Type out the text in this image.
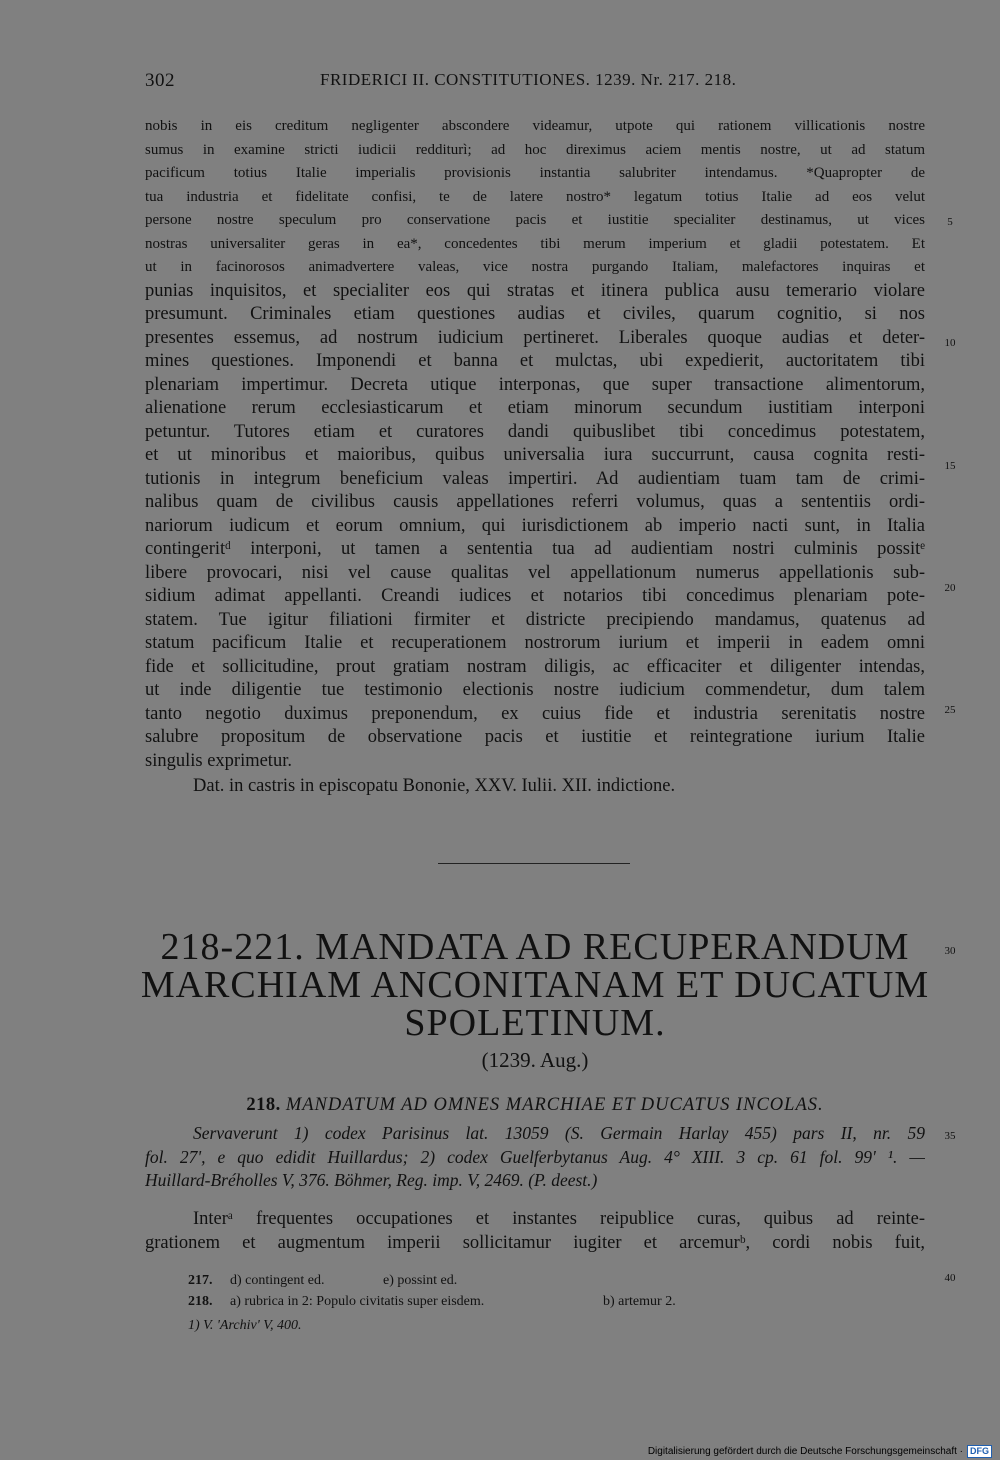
302	FRIDERICI II. CONSTITUTIONES. 1239. Nr. 217. 218.
nobis in eis creditum negligenter abscondere videamur, utpote qui rationem villicationis nostre
sumus in examine stricti iudicii redditurì; ad hoc direximus aciem mentis nostre, ut ad statum
pacificum totius Italie imperialis provisionis instantia salubriter intendamus. *Quapropter de
tua industria et fidelitate confisi, te de latere nostro* legatum totius Italie ad eos velut
persone nostre speculum pro conservatione pacis et iustitie specialiter destinamus, ut vices
nostras universaliter geras in ea*, concedentes tibi merum imperium et gladii potestatem. Et
ut in facinorosos animadvertere valeas, vice nostra purgando Italiam, malefactores inquiras et
punias inquisitos, et specialiter eos qui stratas et itinera publica ausu temerario violare
presumunt. Criminales etiam questiones audias et civiles, quarum cognitio, si nos
presentes essemus, ad nostrum iudicium pertineret. Liberales quoque audias et deter-
mines questiones. Imponendi et banna et mulctas, ubi expedierit, auctoritatem tibi
plenariam impertimur. Decreta utique interponas, que super transactione alimentorum,
alienatione rerum ecclesiasticarum et etiam minorum secundum iustitiam interponi
petuntur. Tutores etiam et curatores dandi quibuslibet tibi concedimus potestatem,
et ut minoribus et maioribus, quibus universalia iura succurrunt, causa cognita resti-
tutionis in integrum beneficium valeas impertiri. Ad audientiam tuam tam de crimi-
nalibus quam de civilibus causis appellationes referri volumus, quas a sententiis ordi-
nariorum iudicum et eorum omnium, qui iurisdictionem ab imperio nacti sunt, in Italia
contingeritᵈ interponi, ut tamen a sententia tua ad audientiam nostri culminis possitᵉ
libere provocari, nisi vel cause qualitas vel appellationum numerus appellationis sub-
sidium adimat appellanti. Creandi iudices et notarios tibi concedimus plenariam pote-
statem. Tue igitur filiationi firmiter et districte precipiendo mandamus, quatenus ad
statum pacificum Italie et recuperationem nostrorum iurium et imperii in eadem omni
fide et sollicitudine, prout gratiam nostram diligis, ac efficaciter et diligenter intendas,
ut inde diligentie tue testimonio electionis nostre iudicium commendetur, dum talem
tanto negotio duximus preponendum, ex cuius fide et industria serenitatis nostre
salubre propositum de observatione pacis et iustitie et reintegratione iurium Italie
singulis exprimetur.
Dat. in castris in episcopatu Bononie, XXV. Iulii. XII. indictione.
5
10
15
20
25
30
35
40
218-221. MANDATA AD RECUPERANDUM
MARCHIAM ANCONITANAM ET DUCATUM
SPOLETINUM.
(1239. Aug.)
218. MANDATUM AD OMNES MARCHIAE ET DUCATUS INCOLAS.
Servaverunt 1) codex Parisinus lat. 13059 (S. Germain Harlay 455) pars II, nr. 59
fol. 27', e quo edidit Huillardus; 2) codex Guelferbytanus Aug. 4° XIII. 3 cp. 61 fol. 99' ¹. —
Huillard-Bréholles V, 376. Böhmer, Reg. imp. V, 2469. (P. deest.)
Interᵃ frequentes occupationes et instantes reipublice curas, quibus ad reinte-
grationem et augmentum imperii sollicitamur iugiter et arcemurᵇ, cordi nobis fuit,
217. d) contingent ed.	e) possint ed.
218. a) rubrica in 2: Populo civitatis super eisdem.	b) artemur 2.
1) V. 'Archiv' V, 400.
Digitalisierung gefördert durch die Deutsche Forschungsgemeinschaft · DFG
